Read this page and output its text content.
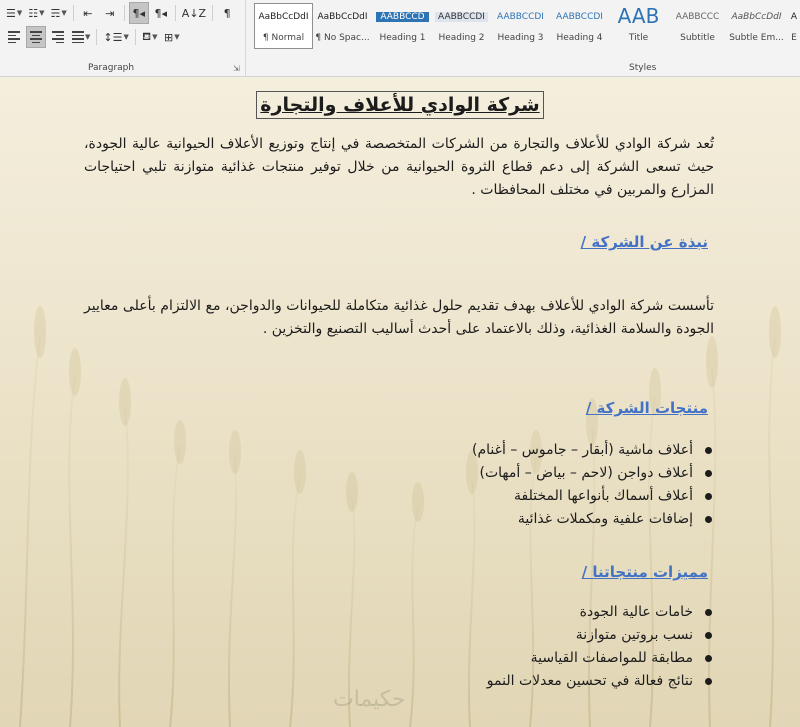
☰ ▼ ☷ ▼ ☴ ▼ ⇤ ⇥ ¶◂ ¶◂ A↓Z ¶
▼ ↕☰ ▼ ⛾ ▼ ⊞ ▼
Paragraph	⇲
AaBbCcDdI
¶ Normal
AaBbCcDdI
¶ No Spac...
AABBCCD
Heading 1
AABBCCDI
Heading 2
AABBCCDI
Heading 3
AABBCCDI
Heading 4
AAB
Title
AABBCCC
Subtitle
AaBbCcDdI
Subtle Em...
A
E
Styles
شركة الوادي للأعلاف والتجارة
تُعد شركة الوادي للأعلاف والتجارة من الشركات المتخصصة في إنتاج وتوزيع الأعلاف الحيوانية عالية الجودة، حيث تسعى الشركة إلى دعم قطاع الثروة الحيوانية من خلال توفير منتجات غذائية متوازنة تلبي احتياجات المزارع والمربين في مختلف المحافظات .
نبذة عن الشركة /
تأسست شركة الوادي للأعلاف بهدف تقديم حلول غذائية متكاملة للحيوانات والدواجن، مع الالتزام بأعلى معايير الجودة والسلامة الغذائية، وذلك بالاعتماد على أحدث أساليب التصنيع والتخزين .
منتجات الشركة /
أعلاف ماشية (أبقار – جاموس – أغنام)
أعلاف دواجن (لاحم – بياض – أمهات)
أعلاف أسماك بأنواعها المختلفة
إضافات علفية ومكملات غذائية
مميزات منتجاتنا /
خامات عالية الجودة
نسب بروتين متوازنة
مطابقة للمواصفات القياسية
نتائج فعالة في تحسين معدلات النمو
حكيمات
